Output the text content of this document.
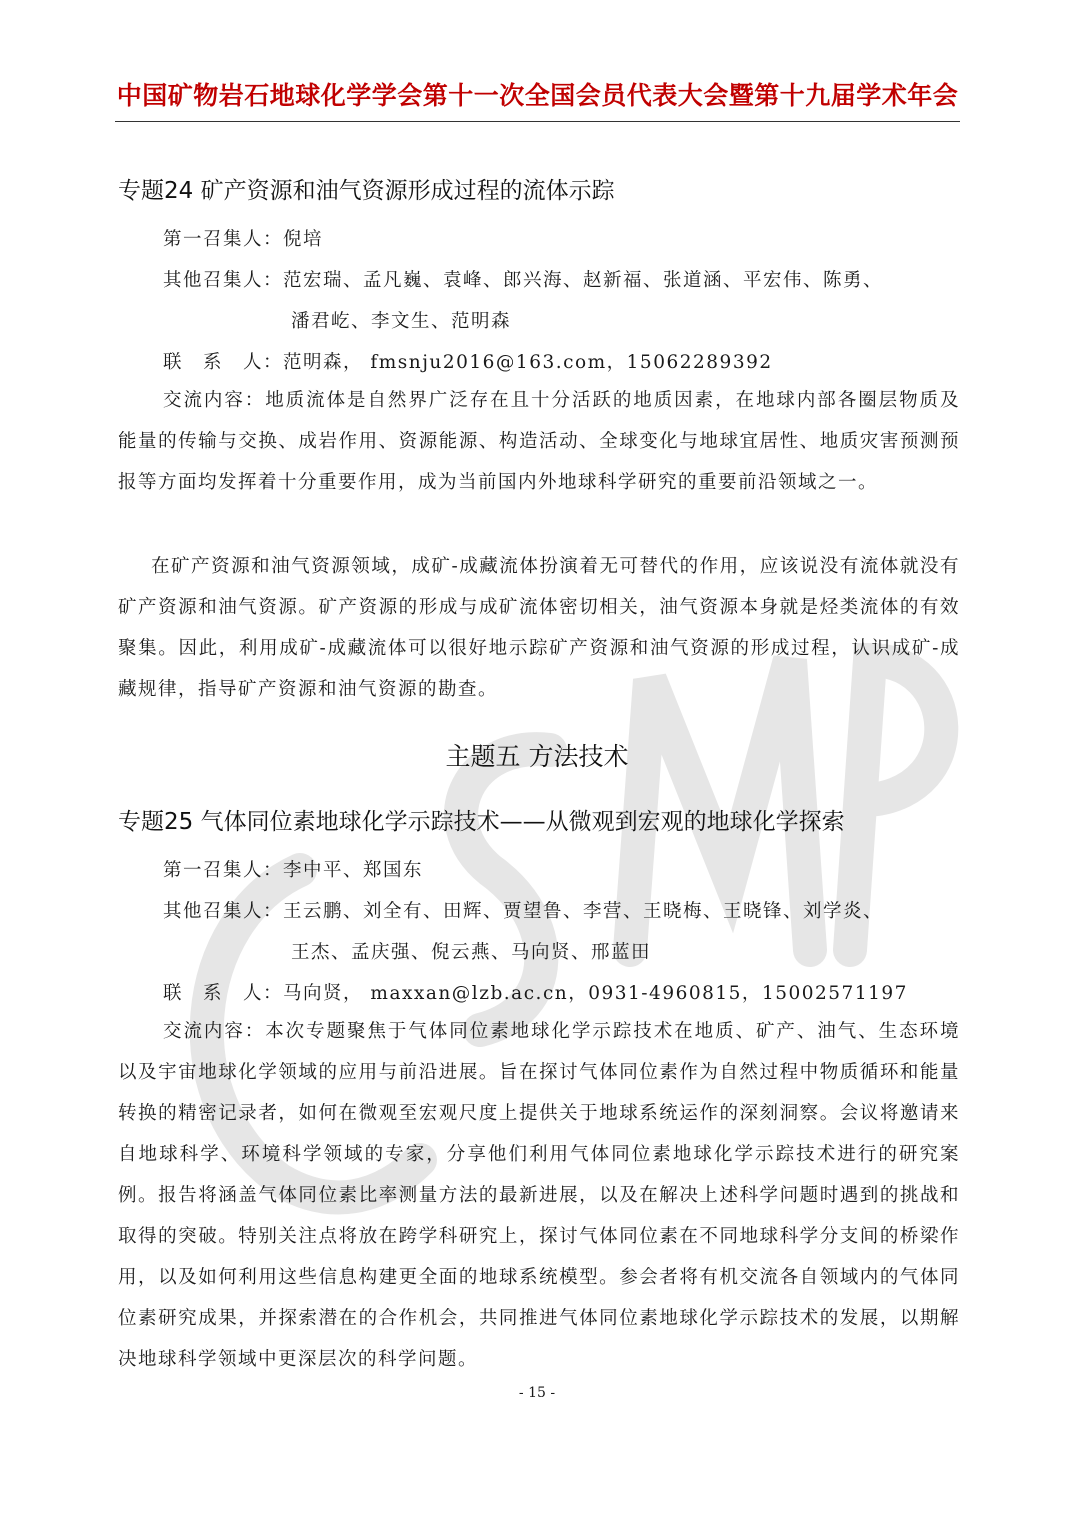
中国矿物岩石地球化学学会第十一次全国会员代表大会暨第十九届学术年会
专题24 矿产资源和油气资源形成过程的流体示踪
第一召集人：倪培
其他召集人：范宏瑞、孟凡巍、袁峰、郎兴海、赵新福、张道涵、平宏伟、陈勇、
潘君屹、李文生、范明森
联　系　人：范明森， fmsnju2016@163.com，15062289392
交流内容：地质流体是自然界广泛存在且十分活跃的地质因素，在地球内部各圈层物质及能量的传输与交换、成岩作用、资源能源、构造活动、全球变化与地球宜居性、地质灾害预测预报等方面均发挥着十分重要作用，成为当前国内外地球科学研究的重要前沿领域之一。
在矿产资源和油气资源领域，成矿-成藏流体扮演着无可替代的作用，应该说没有流体就没有矿产资源和油气资源。矿产资源的形成与成矿流体密切相关，油气资源本身就是烃类流体的有效聚集。因此，利用成矿-成藏流体可以很好地示踪矿产资源和油气资源的形成过程，认识成矿-成藏规律，指导矿产资源和油气资源的勘查。
主题五 方法技术
专题25 气体同位素地球化学示踪技术——从微观到宏观的地球化学探索
第一召集人：李中平、郑国东
其他召集人：王云鹏、刘全有、田辉、贾望鲁、李营、王晓梅、王晓锋、刘学炎、
王杰、孟庆强、倪云燕、马向贤、邢蓝田
联　系　人：马向贤， maxxan@lzb.ac.cn，0931-4960815，15002571197
交流内容：本次专题聚焦于气体同位素地球化学示踪技术在地质、矿产、油气、生态环境以及宇宙地球化学领域的应用与前沿进展。旨在探讨气体同位素作为自然过程中物质循环和能量转换的精密记录者，如何在微观至宏观尺度上提供关于地球系统运作的深刻洞察。会议将邀请来自地球科学、环境科学领域的专家，分享他们利用气体同位素地球化学示踪技术进行的研究案例。报告将涵盖气体同位素比率测量方法的最新进展，以及在解决上述科学问题时遇到的挑战和取得的突破。特别关注点将放在跨学科研究上，探讨气体同位素在不同地球科学分支间的桥梁作用，以及如何利用这些信息构建更全面的地球系统模型。参会者将有机交流各自领域内的气体同位素研究成果，并探索潜在的合作机会，共同推进气体同位素地球化学示踪技术的发展，以期解决地球科学领域中更深层次的科学问题。
- 15 -
